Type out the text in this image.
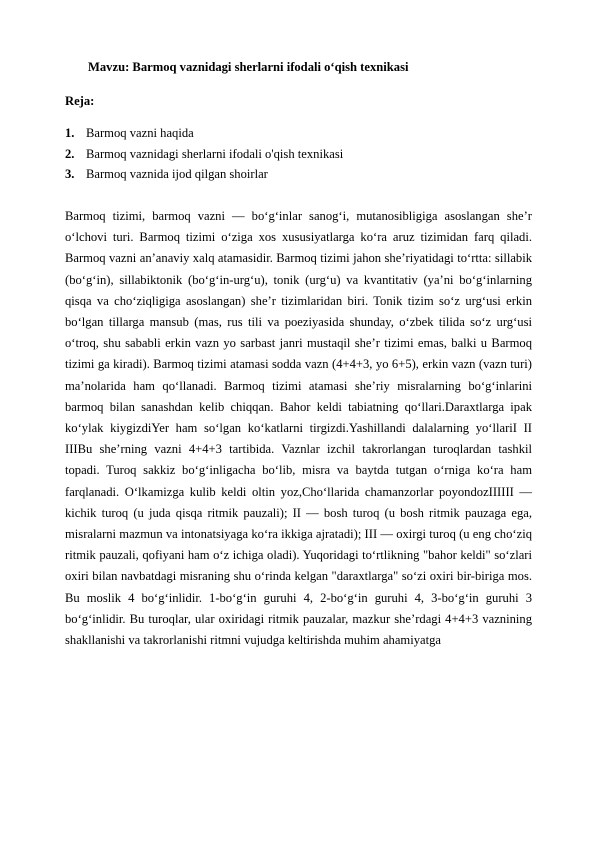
Mavzu: Barmoq vaznidagi sherlarni ifodali o‘qish texnikasi
Reja:
1. Barmoq vazni haqida
2. Barmoq vaznidagi sherlarni ifodali o'qish texnikasi
3. Barmoq vaznida ijod qilgan shoirlar

Barmoq tizimi, barmoq vazni — bo‘g‘inlar sanog‘i, mutanosibligiga asoslangan she’r o‘lchovi turi. Barmoq tizimi o‘ziga xos xususiyatlarga ko‘ra aruz tizimidan farq qiladi. Barmoq vazni an’anaviy xalq atamasidir. Barmoq tizimi jahon she’riyatidagi to‘rtta: sillabik (bo‘g‘in), sillabiktonik (bo‘g‘in-urg‘u), tonik (urg‘u) va kvantitativ (ya’ni bo‘g‘inlarning qisqa va cho‘ziqligiga asoslangan) she’r tizimlaridan biri. Tonik tizim so‘z urg‘usi erkin bo‘lgan tillarga mansub (mas, rus tili va poeziyasida shunday, o‘zbek tilida so‘z urg‘usi o‘troq, shu sababli erkin vazn yo sarbast janri mustaqil she’r tizimi emas, balki u Barmoq tizimi ga kiradi). Barmoq tizimi atamasi sodda vazn (4+4+3, yo 6+5), erkin vazn (vazn turi) ma’nolarida ham qo‘llanadi. Barmoq tizimi atamasi she’riy misralarning bo‘g‘inlarini barmoq bilan sanashdan kelib chiqqan. Bahor keldi tabiatning qo‘llari.Daraxtlarga ipak ko‘ylak kiygizdiYer ham so‘lgan ko‘katlarni tirgizdi.Yashillandi dalalarning yo‘llariI II IIIBu she’rning vazni 4+4+3 tartibida. Vaznlar izchil takrorlangan turoqlardan tashkil topadi. Turoq sakkiz bo‘g‘inligacha bo‘lib, misra va baytda tutgan o‘rniga ko‘ra ham farqlanadi. O‘lkamizga kulib keldi oltin yoz,Cho‘llarida chamanzorlar poyondozIIIIII — kichik turoq (u juda qisqa ritmik pauzali); II — bosh turoq (u bosh ritmik pauzaga ega, misralarni mazmun va intonatsiyaga ko‘ra ikkiga ajratadi); III — oxirgi turoq (u eng cho‘ziq ritmik pauzali, qofiyani ham o‘z ichiga oladi). Yuqoridagi to‘rtlikning "bahor keldi" so‘zlari oxiri bilan navbatdagi misraning shu o‘rinda kelgan "daraxtlarga" so‘zi oxiri bir-biriga mos. Bu moslik 4 bo‘g‘inlidir. 1-bo‘g‘in guruhi 4, 2-bo‘g‘in guruhi 4, 3-bo‘g‘in guruhi 3 bo‘g‘inlidir. Bu turoqlar, ular oxiridagi ritmik pauzalar, mazkur she’rdagi 4+4+3 vaznining shakllanishi va takrorlanishi ritmni vujudga keltirishda muhim ahamiyatga
